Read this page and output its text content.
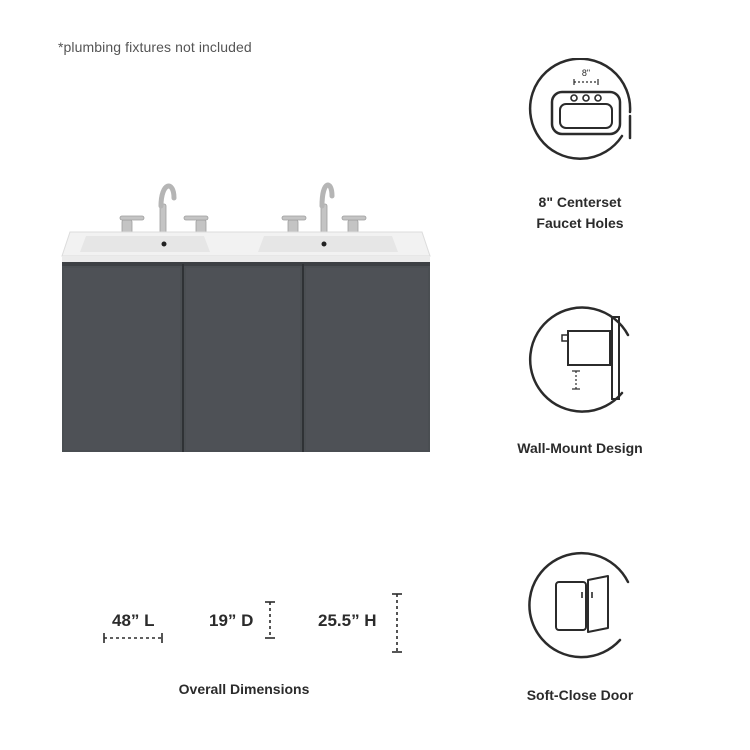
*plumbing fixtures not included
8"
8" Centerset
Faucet Holes
Wall-Mount Design
Soft-Close Door
48” L	19” D	25.5” H
Overall Dimensions
